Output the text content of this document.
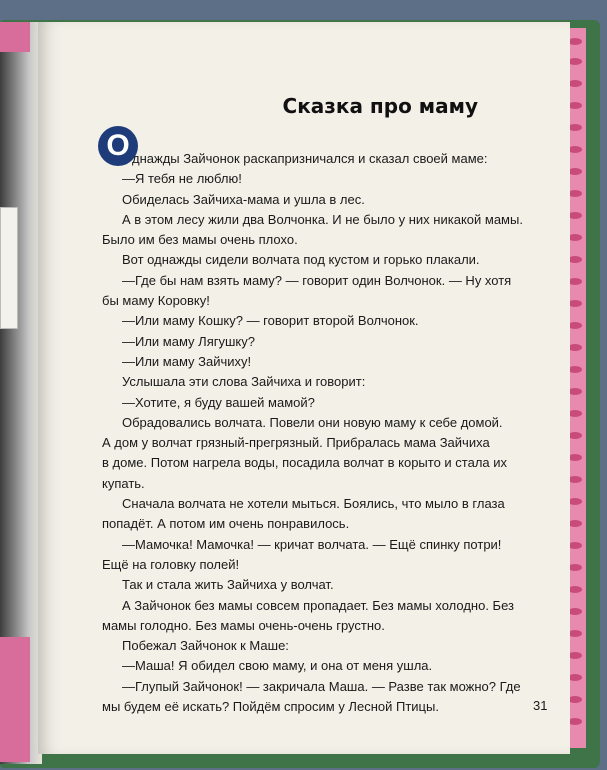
Сказка про маму
О днажды Зайчонок раскапризничался и сказал своей маме:

—Я тебя не люблю!

Обиделась Зайчиха-мама и ушла в лес.

А в этом лесу жили два Волчонка. И не было у них никакой мамы.

Было им без мамы очень плохо.

Вот однажды сидели волчата под кустом и горько плакали.

—Где бы нам взять маму? — говорит один Волчонок. — Ну хотя

бы маму Коровку!

—Или маму Кошку? — говорит второй Волчонок.

—Или маму Лягушку?

—Или маму Зайчиху!

Услышала эти слова Зайчиха и говорит:

—Хотите, я буду вашей мамой?

Обрадовались волчата. Повели они новую маму к себе домой.

А дом у волчат грязный-прегрязный. Прибралась мама Зайчиха

в доме. Потом нагрела воды, посадила волчат в корыто и стала их

купать.

Сначала волчата не хотели мыться. Боялись, что мыло в глаза

попадёт. А потом им очень понравилось.

—Мамочка! Мамочка! — кричат волчата. — Ещё спинку потри!

Ещё на головку полей!

Так и стала жить Зайчиха у волчат.

А Зайчонок без мамы совсем пропадает. Без мамы холодно. Без

мамы голодно. Без мамы очень-очень грустно.

Побежал Зайчонок к Маше:

—Маша! Я обидел свою маму, и она от меня ушла.

—Глупый Зайчонок! — закричала Маша. — Разве так можно? Где

мы будем её искать? Пойдём спросим у Лесной Птицы.	31
